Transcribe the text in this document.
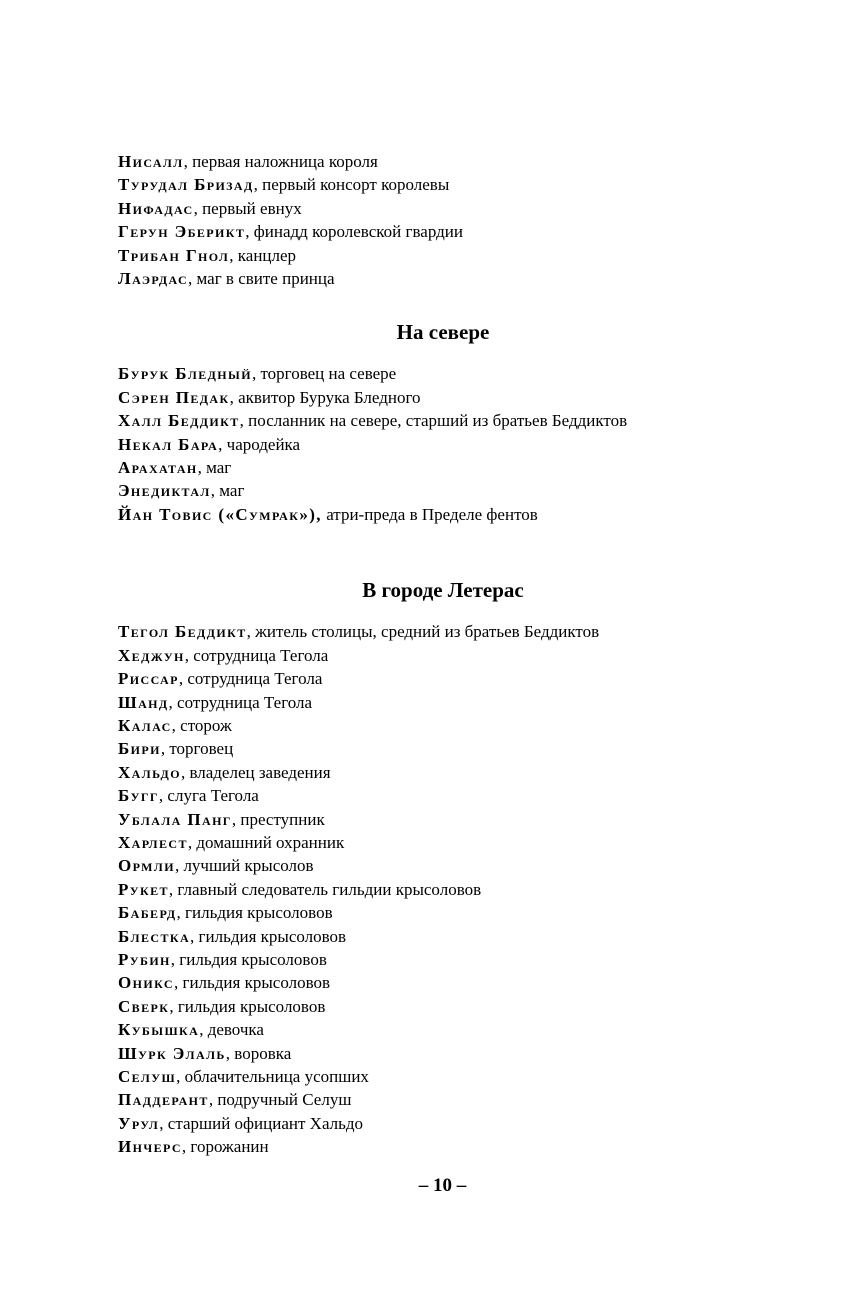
Нисалл, первая наложница короля
Турудал Бризад, первый консорт королевы
Нифадас, первый евнух
Герун Эберикт, финадд королевской гвардии
Трибан Гнол, канцлер
Лаэрдас, маг в свите принца
На севере
Бурук Бледный, торговец на севере
Сэрен Педак, аквитор Бурука Бледного
Халл Беддикт, посланник на севере, старший из братьев Беддиктов
Некал Бара, чародейка
Арахатан, маг
Энедиктал, маг
Йан Товис («Сумрак»), атри-преда в Пределе фентов
В городе Летерас
Тегол Беддикт, житель столицы, средний из братьев Беддиктов
Хеджун, сотрудница Тегола
Риссар, сотрудница Тегола
Шанд, сотрудница Тегола
Калас, сторож
Бири, торговец
Хальдо, владелец заведения
Бугг, слуга Тегола
Ублала Панг, преступник
Харлест, домашний охранник
Ормли, лучший крысолов
Рукет, главный следователь гильдии крысоловов
Баберд, гильдия крысоловов
Блестка, гильдия крысоловов
Рубин, гильдия крысоловов
Оникс, гильдия крысоловов
Сверк, гильдия крысоловов
Кубышка, девочка
Шурк Элаль, воровка
Селуш, облачительница усопших
Паддерант, подручный Селуш
Урул, старший официант Хальдо
Инчерс, горожанин
– 10 –
